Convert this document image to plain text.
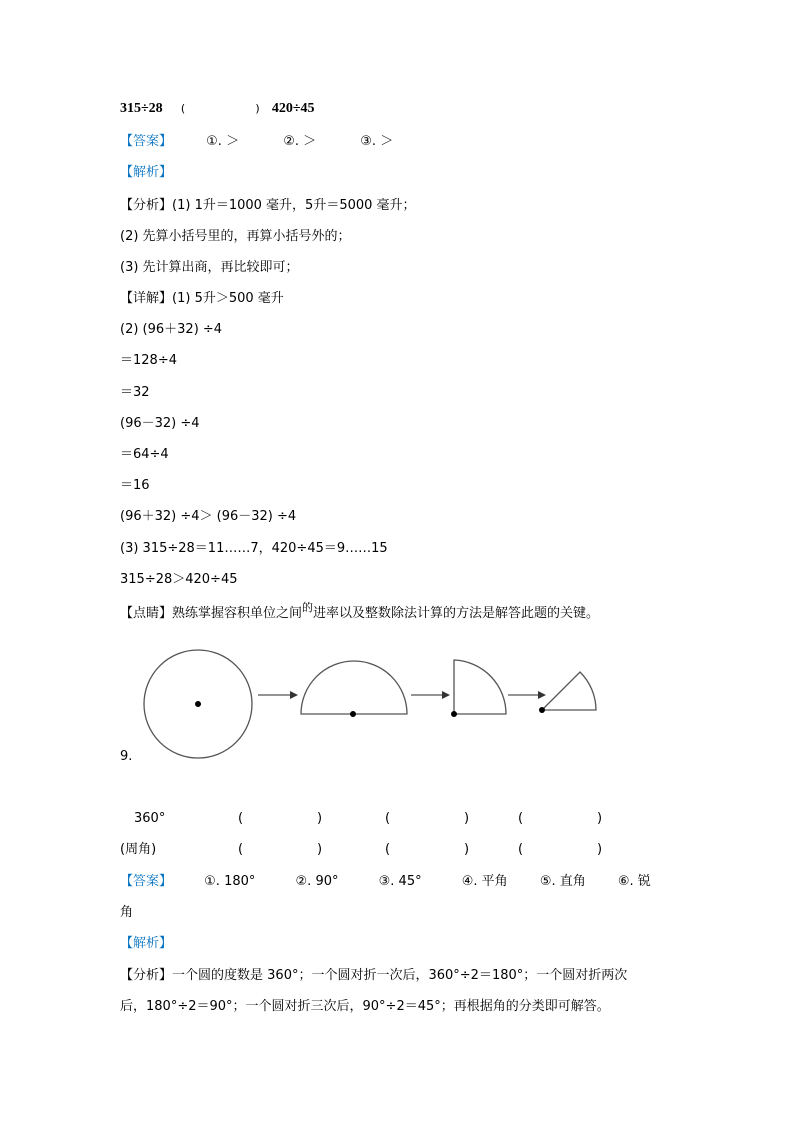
315÷28 (	) 420÷45
【答案】	①. ＞	②. ＞	③. ＞
【解析】
【分析】(1) 1升＝1000 毫升，5升＝5000 毫升；
(2) 先算小括号里的，再算小括号外的；
(3) 先计算出商，再比较即可；
【详解】(1) 5升＞500 毫升
(2) (96＋32) ÷4
＝128÷4
＝32
(96－32) ÷4
＝64÷4
＝16
(96＋32) ÷4＞ (96－32) ÷4
(3) 315÷28＝11……7，420÷45＝9……15
315÷28＞420÷45
【点睛】熟练掌握容积单位之间$^的$进率以及整数除法计算的方法是解答此题的关键。
9.
360°	(	)	(	)	(	)
(周角)	(	)	(	)	(	)
【答案】 ①. 180°	②. 90°	③. 45°	④. 平角 ⑤. 直角 ⑥. 锐
角
【解析】
【分析】一个圆的度数是 360°；一个圆对折一次后，360°÷2＝180°；一个圆对折两次
后，180°÷2＝90°；一个圆对折三次后，90°÷2＝45°；再根据角的分类即可解答。
